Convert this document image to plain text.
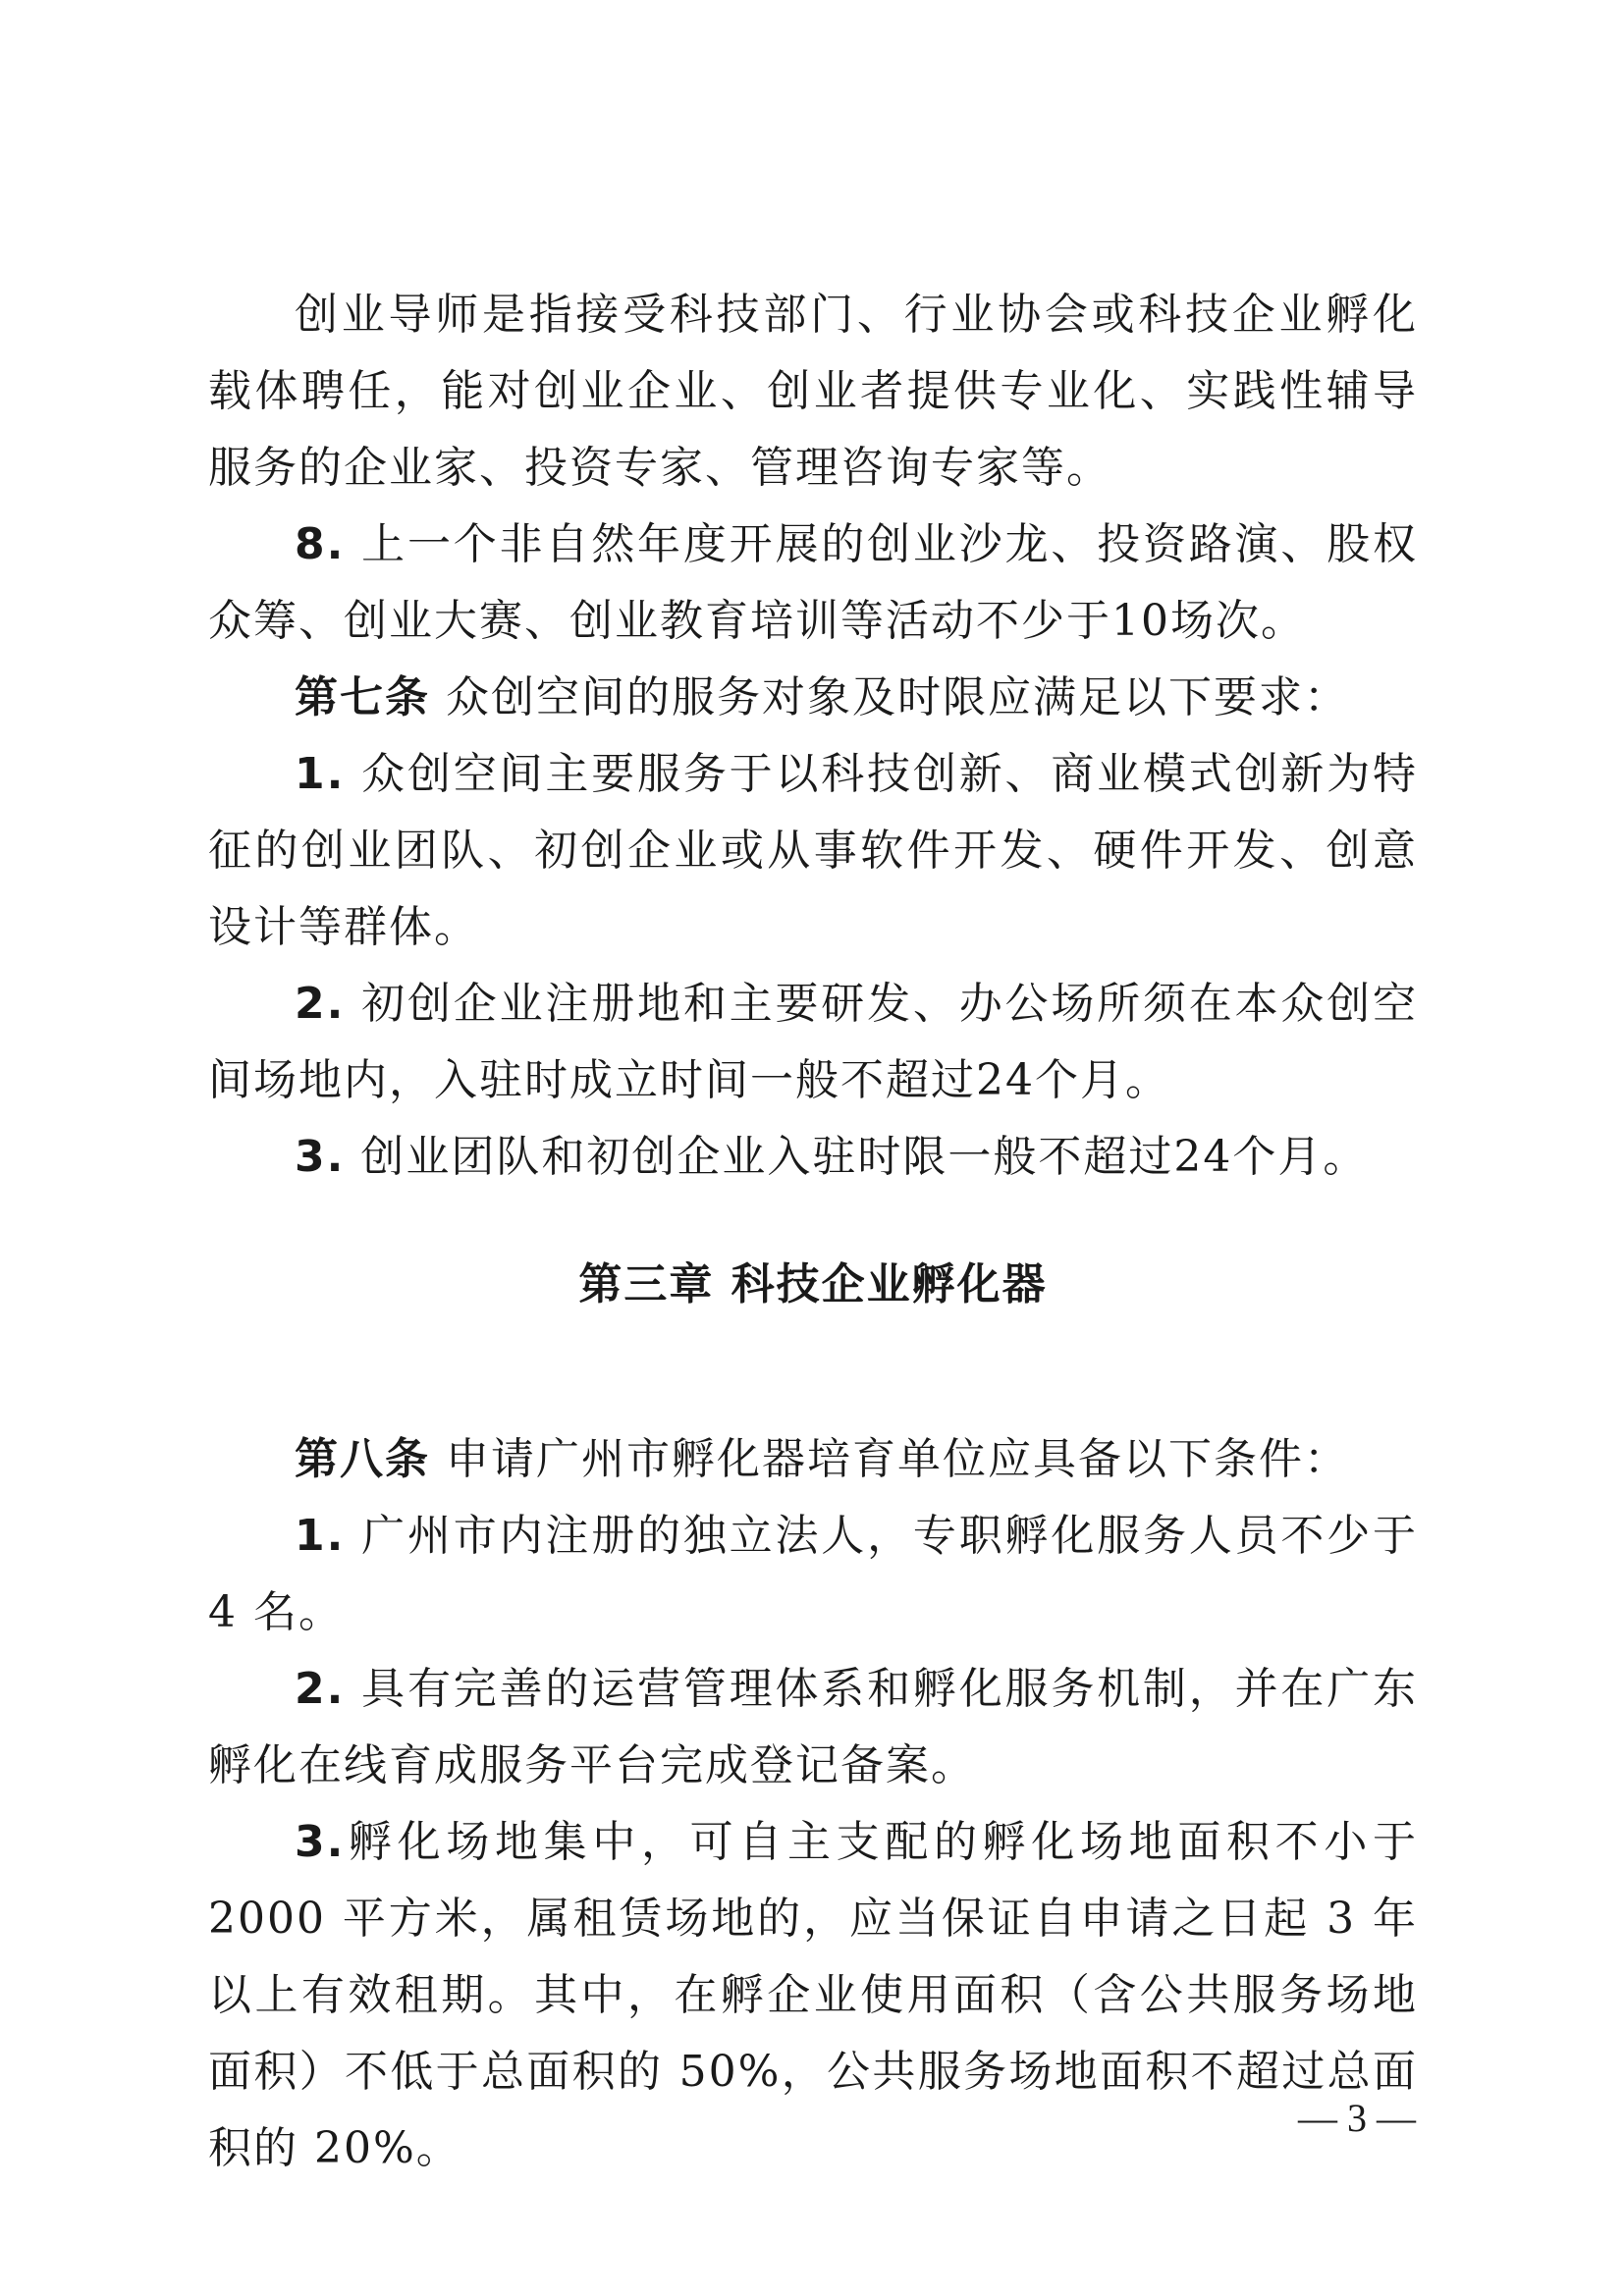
创业导师是指接受科技部门、行业协会或科技企业孵化载体聘任，能对创业企业、创业者提供专业化、实践性辅导服务的企业家、投资专家、管理咨询专家等。

8. 上一个非自然年度开展的创业沙龙、投资路演、股权众筹、创业大赛、创业教育培训等活动不少于10场次。

第七条 众创空间的服务对象及时限应满足以下要求：

1. 众创空间主要服务于以科技创新、商业模式创新为特征的创业团队、初创企业或从事软件开发、硬件开发、创意设计等群体。

2. 初创企业注册地和主要研发、办公场所须在本众创空间场地内，入驻时成立时间一般不超过24个月。

3. 创业团队和初创企业入驻时限一般不超过24个月。

第三章 科技企业孵化器

第八条 申请广州市孵化器培育单位应具备以下条件：

1. 广州市内注册的独立法人，专职孵化服务人员不少于 4 名。

2. 具有完善的运营管理体系和孵化服务机制，并在广东孵化在线育成服务平台完成登记备案。

3.孵化场地集中，可自主支配的孵化场地面积不小于 2000 平方米，属租赁场地的，应当保证自申请之日起 3 年以上有效租期。其中，在孵企业使用面积（含公共服务场地面积）不低于总面积的 50%，公共服务场地面积不超过总面积的 20%。

— 3 —
